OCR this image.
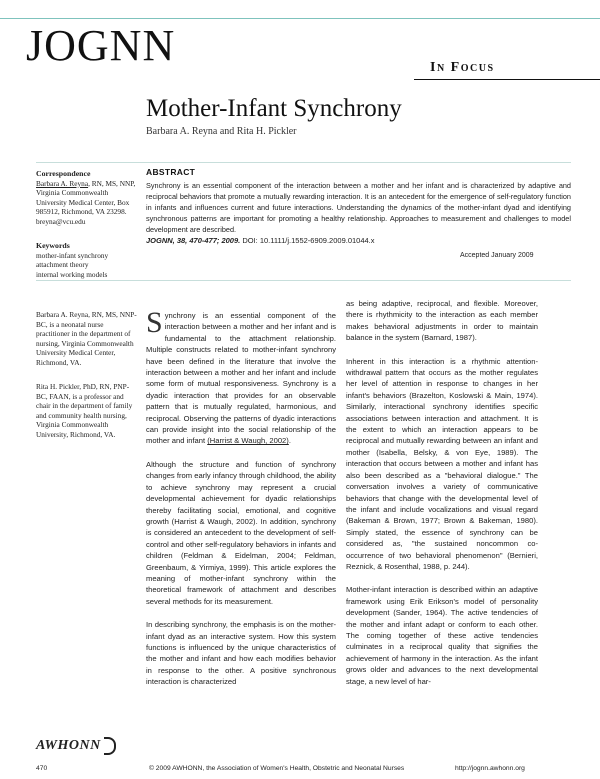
JOGNN	In Focus
Mother-Infant Synchrony
Barbara A. Reyna and Rita H. Pickler
Correspondence
Barbara A. Reyna, RN, MS, NNP, Virginia Commonwealth University Medical Center, Box 985912, Richmond, VA 23298.
breyna@vcu.edu
Keywords
mother-infant synchrony
attachment theory
internal working models
ABSTRACT
Synchrony is an essential component of the interaction between a mother and her infant and is characterized by adaptive and reciprocal behaviors that promote a mutually rewarding interaction. It is an antecedent for the emergence of self-regulatory function in infants and influences current and future interactions. Understanding the dynamics of the mother-infant dyad and identifying synchronous patterns are important for promoting a healthy relationship. Approaches to measurement and challenges to model development are described.
JOGNN, 38, 470-477; 2009. DOI: 10.1111/j.1552-6909.2009.01044.x
Accepted January 2009
Barbara A. Reyna, RN, MS, NNP-BC, is a neonatal nurse practitioner in the department of nursing, Virginia Commonwealth University Medical Center, Richmond, VA.
Rita H. Pickler, PhD, RN, PNP-BC, FAAN, is a professor and chair in the department of family and community health nursing, Virginia Commonwealth University, Richmond, VA.

Synchrony is an essential component of the interaction between a mother and her infant and is fundamental to the attachment relationship. Multiple constructs related to mother-infant synchrony have been defined in the literature that involve the interaction between a mother and her infant and include some form of mutual responsiveness. Synchrony is a dyadic interaction that provides for an observable pattern that is mutually regulated, harmonious, and reciprocal. Observing the patterns of dyadic interactions can provide insight into the social relationship of the mother and infant (Harrist & Waugh, 2002).

Although the structure and function of synchrony changes from early infancy through childhood, the ability to achieve synchrony may represent a crucial developmental achievement for dyadic relationships thereby facilitating social, emotional, and cognitive growth (Harrist & Waugh, 2002). In addition, synchrony is considered an antecedent to the development of self-control and other self-regulatory behaviors in infants and children (Feldman & Eidelman, 2004; Feldman, Greenbaum, & Yirmiya, 1999). This article explores the meaning of mother-infant synchrony within the theoretical framework of attachment and describes several methods for its measurement.

In describing synchrony, the emphasis is on the mother-infant dyad as an interactive system. How this system functions is influenced by the unique characteristics of the mother and infant and how each modifies behavior in response to the other. A positive synchronous interaction is characterized

as being adaptive, reciprocal, and flexible. Moreover, there is rhythmicity to the interaction as each member makes behavioral adjustments in order to maintain balance in the system (Barnard, 1987).

Inherent in this interaction is a rhythmic attention-withdrawal pattern that occurs as the mother regulates her level of attention in response to changes in her infant's behaviors (Brazelton, Koslowski & Main, 1974). Similarly, interactional synchrony identifies specific associations between interaction and attachment. It is the extent to which an interaction appears to be reciprocal and mutually rewarding between an infant and mother (Isabella, Belsky, & von Eye, 1989). The interaction that occurs between a mother and infant has also been described as a "behavioral dialogue." The conversation involves a variety of communicative behaviors that change with the developmental level of the infant and include vocalizations and visual regard (Bakeman & Brown, 1977; Brown & Bakeman, 1980). Simply stated, the essence of synchrony can be considered as, "the sustained noncommon co-occurrence of two behavioral phenomenon" (Bernieri, Reznick, & Rosenthal, 1988, p. 244).

Mother-infant interaction is described within an adaptive framework using Erik Erikson's model of personality development (Sander, 1964). The active tendencies of the mother and infant adapt or conform to each other. The coming together of these active tendencies culminates in a reciprocal quality that signifies the achievement of harmony in the interaction. As the infant grows older and advances to the next developmental stage, a new level of har-

AWHONN
470	© 2009 AWHONN, the Association of Women's Health, Obstetric and Neonatal Nurses	http://jognn.awhonn.org
